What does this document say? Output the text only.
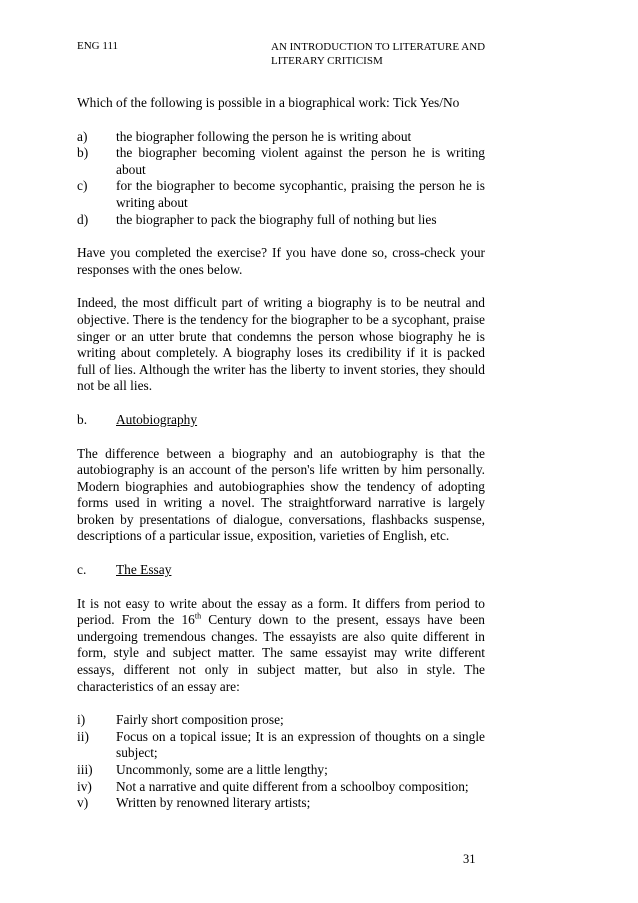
ENG 111	AN INTRODUCTION TO LITERATURE AND
LITERARY CRITICISM

Which of the following is possible in a biographical work: Tick Yes/No

a)	the biographer following the person he is writing about
b)	the biographer becoming violent against the person he is writing about
c)	for the biographer to become sycophantic, praising the person he is writing about
d)	the biographer to pack the biography full of nothing but lies

Have you completed the exercise? If you have done so, cross-check your responses with the ones below.

Indeed, the most difficult part of writing a biography is to be neutral and objective. There is the tendency for the biographer to be a sycophant, praise singer or an utter brute that condemns the person whose biography he is writing about completely. A biography loses its credibility if it is packed full of lies. Although the writer has the liberty to invent stories, they should not be all lies.

b.	Autobiography

The difference between a biography and an autobiography is that the autobiography is an account of the person's life written by him personally. Modern biographies and autobiographies show the tendency of adopting forms used in writing a novel. The straightforward narrative is largely broken by presentations of dialogue, conversations, flashbacks suspense, descriptions of a particular issue, exposition, varieties of English, etc.

c.	The Essay

It is not easy to write about the essay as a form. It differs from period to period. From the 16th Century down to the present, essays have been undergoing tremendous changes. The essayists are also quite different in form, style and subject matter. The same essayist may write different essays, different not only in subject matter, but also in style. The characteristics of an essay are:

i)	Fairly short composition prose;
ii)	Focus on a topical issue; It is an expression of thoughts on a single subject;
iii)	Uncommonly, some are a little lengthy;
iv)	Not a narrative and quite different from a schoolboy composition;
v)	Written by renowned literary artists;
31
